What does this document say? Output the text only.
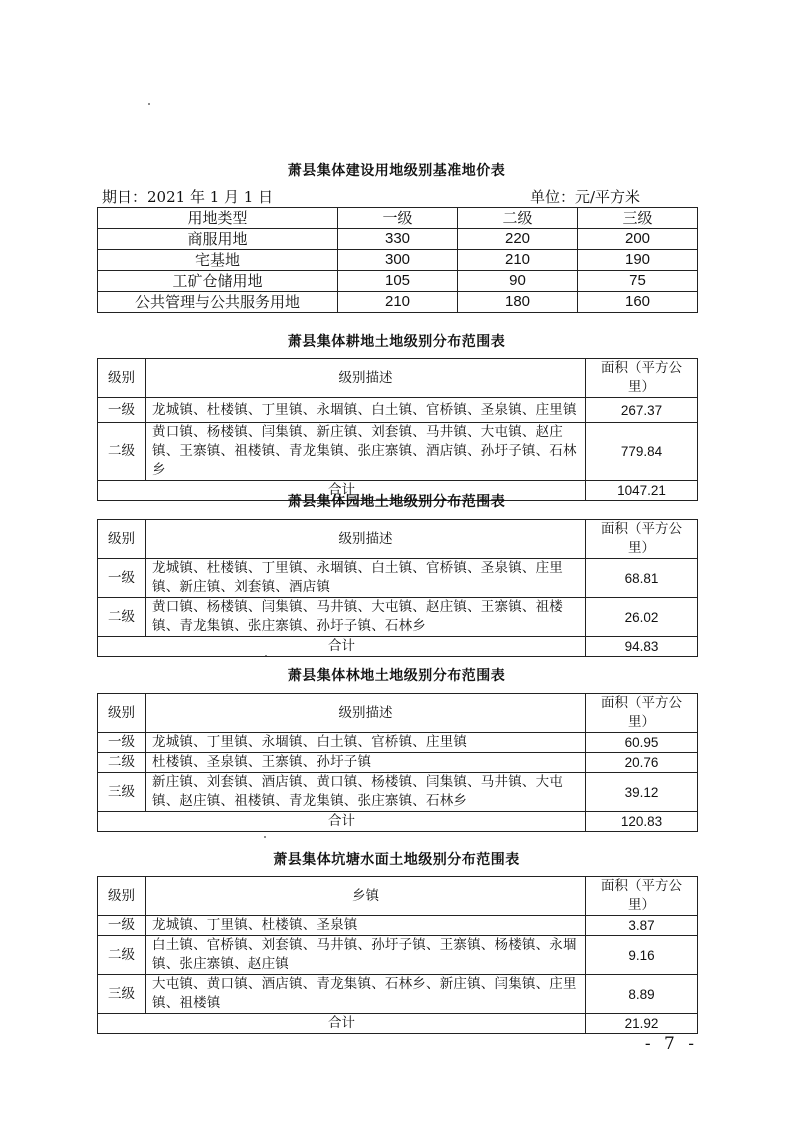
萧县集体建设用地级别基准地价表
期日：2021 年 1 月 1 日	单位：元/平方米
用地类型	一级	二级	三级
商服用地	330	220	200
宅基地	300	210	190
工矿仓储用地	105	90	75
公共管理与公共服务用地	210	180	160
萧县集体耕地土地级别分布范围表
级别	级别描述	面积（平方公里）
一级	龙城镇、杜楼镇、丁里镇、永堌镇、白土镇、官桥镇、圣泉镇、庄里镇	267.37
二级	黄口镇、杨楼镇、闫集镇、新庄镇、刘套镇、马井镇、大屯镇、赵庄镇、王寨镇、祖楼镇、青龙集镇、张庄寨镇、酒店镇、孙圩子镇、石林乡	779.84
合计		1047.21
萧县集体园地土地级别分布范围表
级别	级别描述	面积（平方公里）
一级	龙城镇、杜楼镇、丁里镇、永堌镇、白土镇、官桥镇、圣泉镇、庄里镇、新庄镇、刘套镇、酒店镇	68.81
二级	黄口镇、杨楼镇、闫集镇、马井镇、大屯镇、赵庄镇、王寨镇、祖楼镇、青龙集镇、张庄寨镇、孙圩子镇、石林乡	26.02
合计		94.83
萧县集体林地土地级别分布范围表
级别	级别描述	面积（平方公里）
一级	龙城镇、丁里镇、永堌镇、白土镇、官桥镇、庄里镇	60.95
二级	杜楼镇、圣泉镇、王寨镇、孙圩子镇	20.76
三级	新庄镇、刘套镇、酒店镇、黄口镇、杨楼镇、闫集镇、马井镇、大屯镇、赵庄镇、祖楼镇、青龙集镇、张庄寨镇、石林乡	39.12
合计		120.83
萧县集体坑塘水面土地级别分布范围表
级别	乡镇	面积（平方公里）
一级	龙城镇、丁里镇、杜楼镇、圣泉镇	3.87
二级	白土镇、官桥镇、刘套镇、马井镇、孙圩子镇、王寨镇、杨楼镇、永堌镇、张庄寨镇、赵庄镇	9.16
三级	大屯镇、黄口镇、酒店镇、青龙集镇、石林乡、新庄镇、闫集镇、庄里镇、祖楼镇	8.89
合计		21.92
- 7 -
